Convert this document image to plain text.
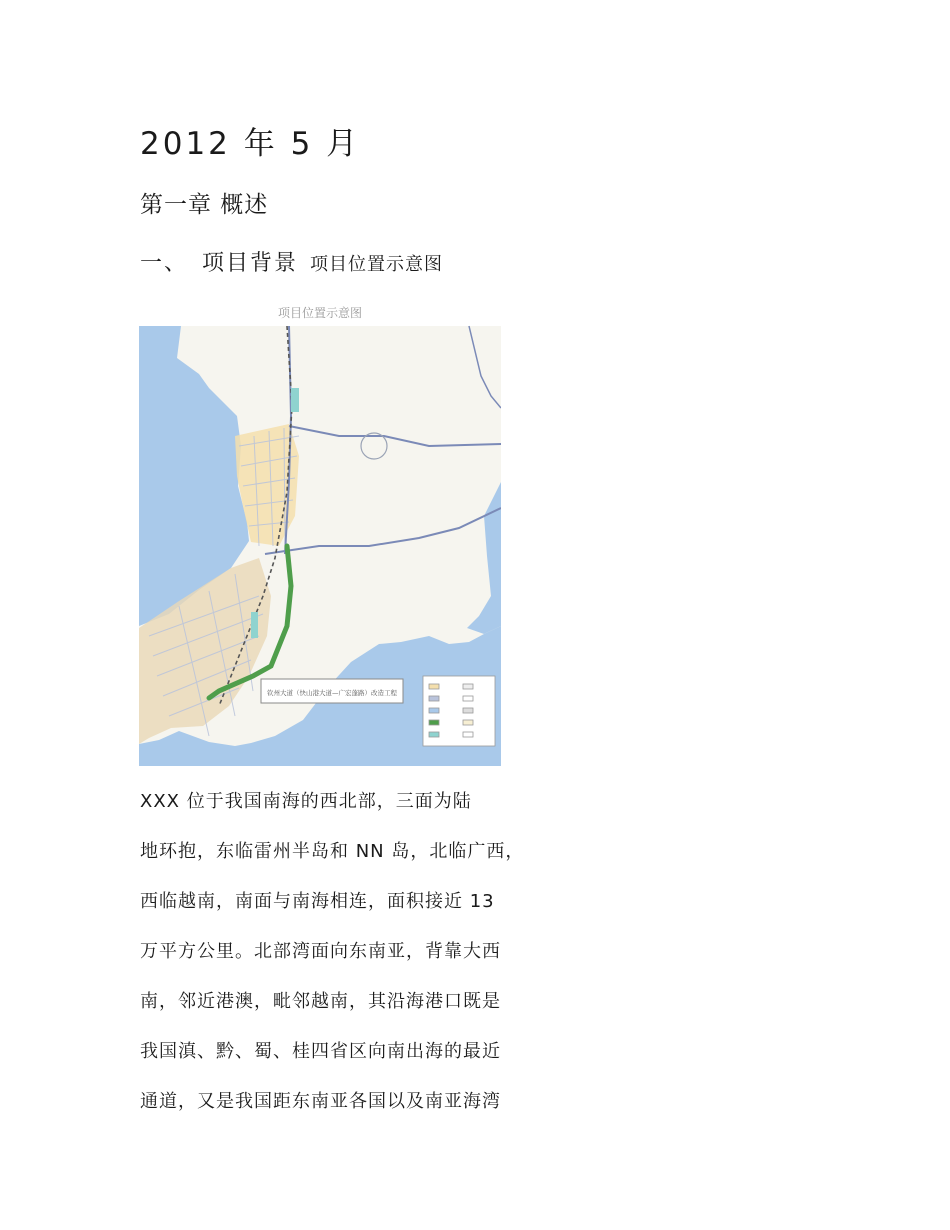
2012 年 5 月
第一章 概述
一、 项目背景 项目位置示意图
项目位置示意图
钦州大道（快山港大道—广宏蓬路）改造工程
XXX 位于我国南海的西北部，三面为陆
地环抱，东临雷州半岛和 NN 岛，北临广西，
西临越南，南面与南海相连，面积接近 13
万平方公里。北部湾面向东南亚，背靠大西
南，邻近港澳，毗邻越南，其沿海港口既是
我国滇、黔、蜀、桂四省区向南出海的最近
通道，又是我国距东南亚各国以及南亚海湾
